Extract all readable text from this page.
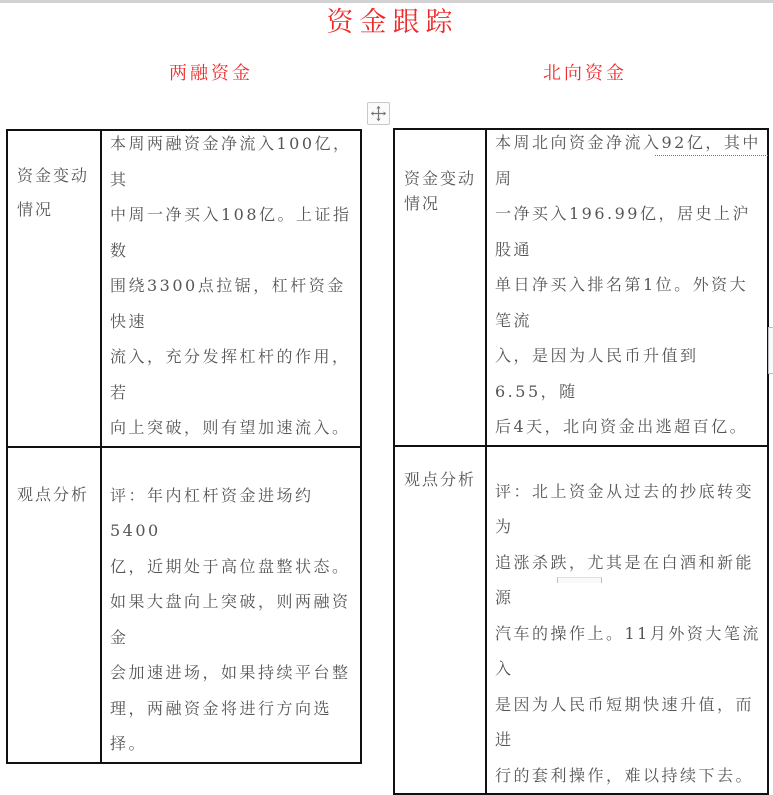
资金跟踪
两融资金	北向资金
资金变动
情况

本周两融资金净流入100亿，其
中周一净买入108亿。上证指数
围绕3300点拉锯，杠杆资金快速
流入，充分发挥杠杆的作用，若
向上突破，则有望加速流入。

观点分析	评：年内杠杆资金进场约5400
亿，近期处于高位盘整状态。
如果大盘向上突破，则两融资金
会加速进场，如果持续平台整
理，两融资金将进行方向选择。
资金变动
情况

本周北向资金净流入92亿，其中周
一净买入196.99亿，居史上沪股通
单日净买入排名第1位。外资大笔流
入，是因为人民币升值到6.55，随
后4天，北向资金出逃超百亿。

观点分析	评：北上资金从过去的抄底转变为
追涨杀跌，尤其是在白酒和新能源
汽车的操作上。11月外资大笔流入
是因为人民币短期快速升值，而进
行的套利操作，难以持续下去。
